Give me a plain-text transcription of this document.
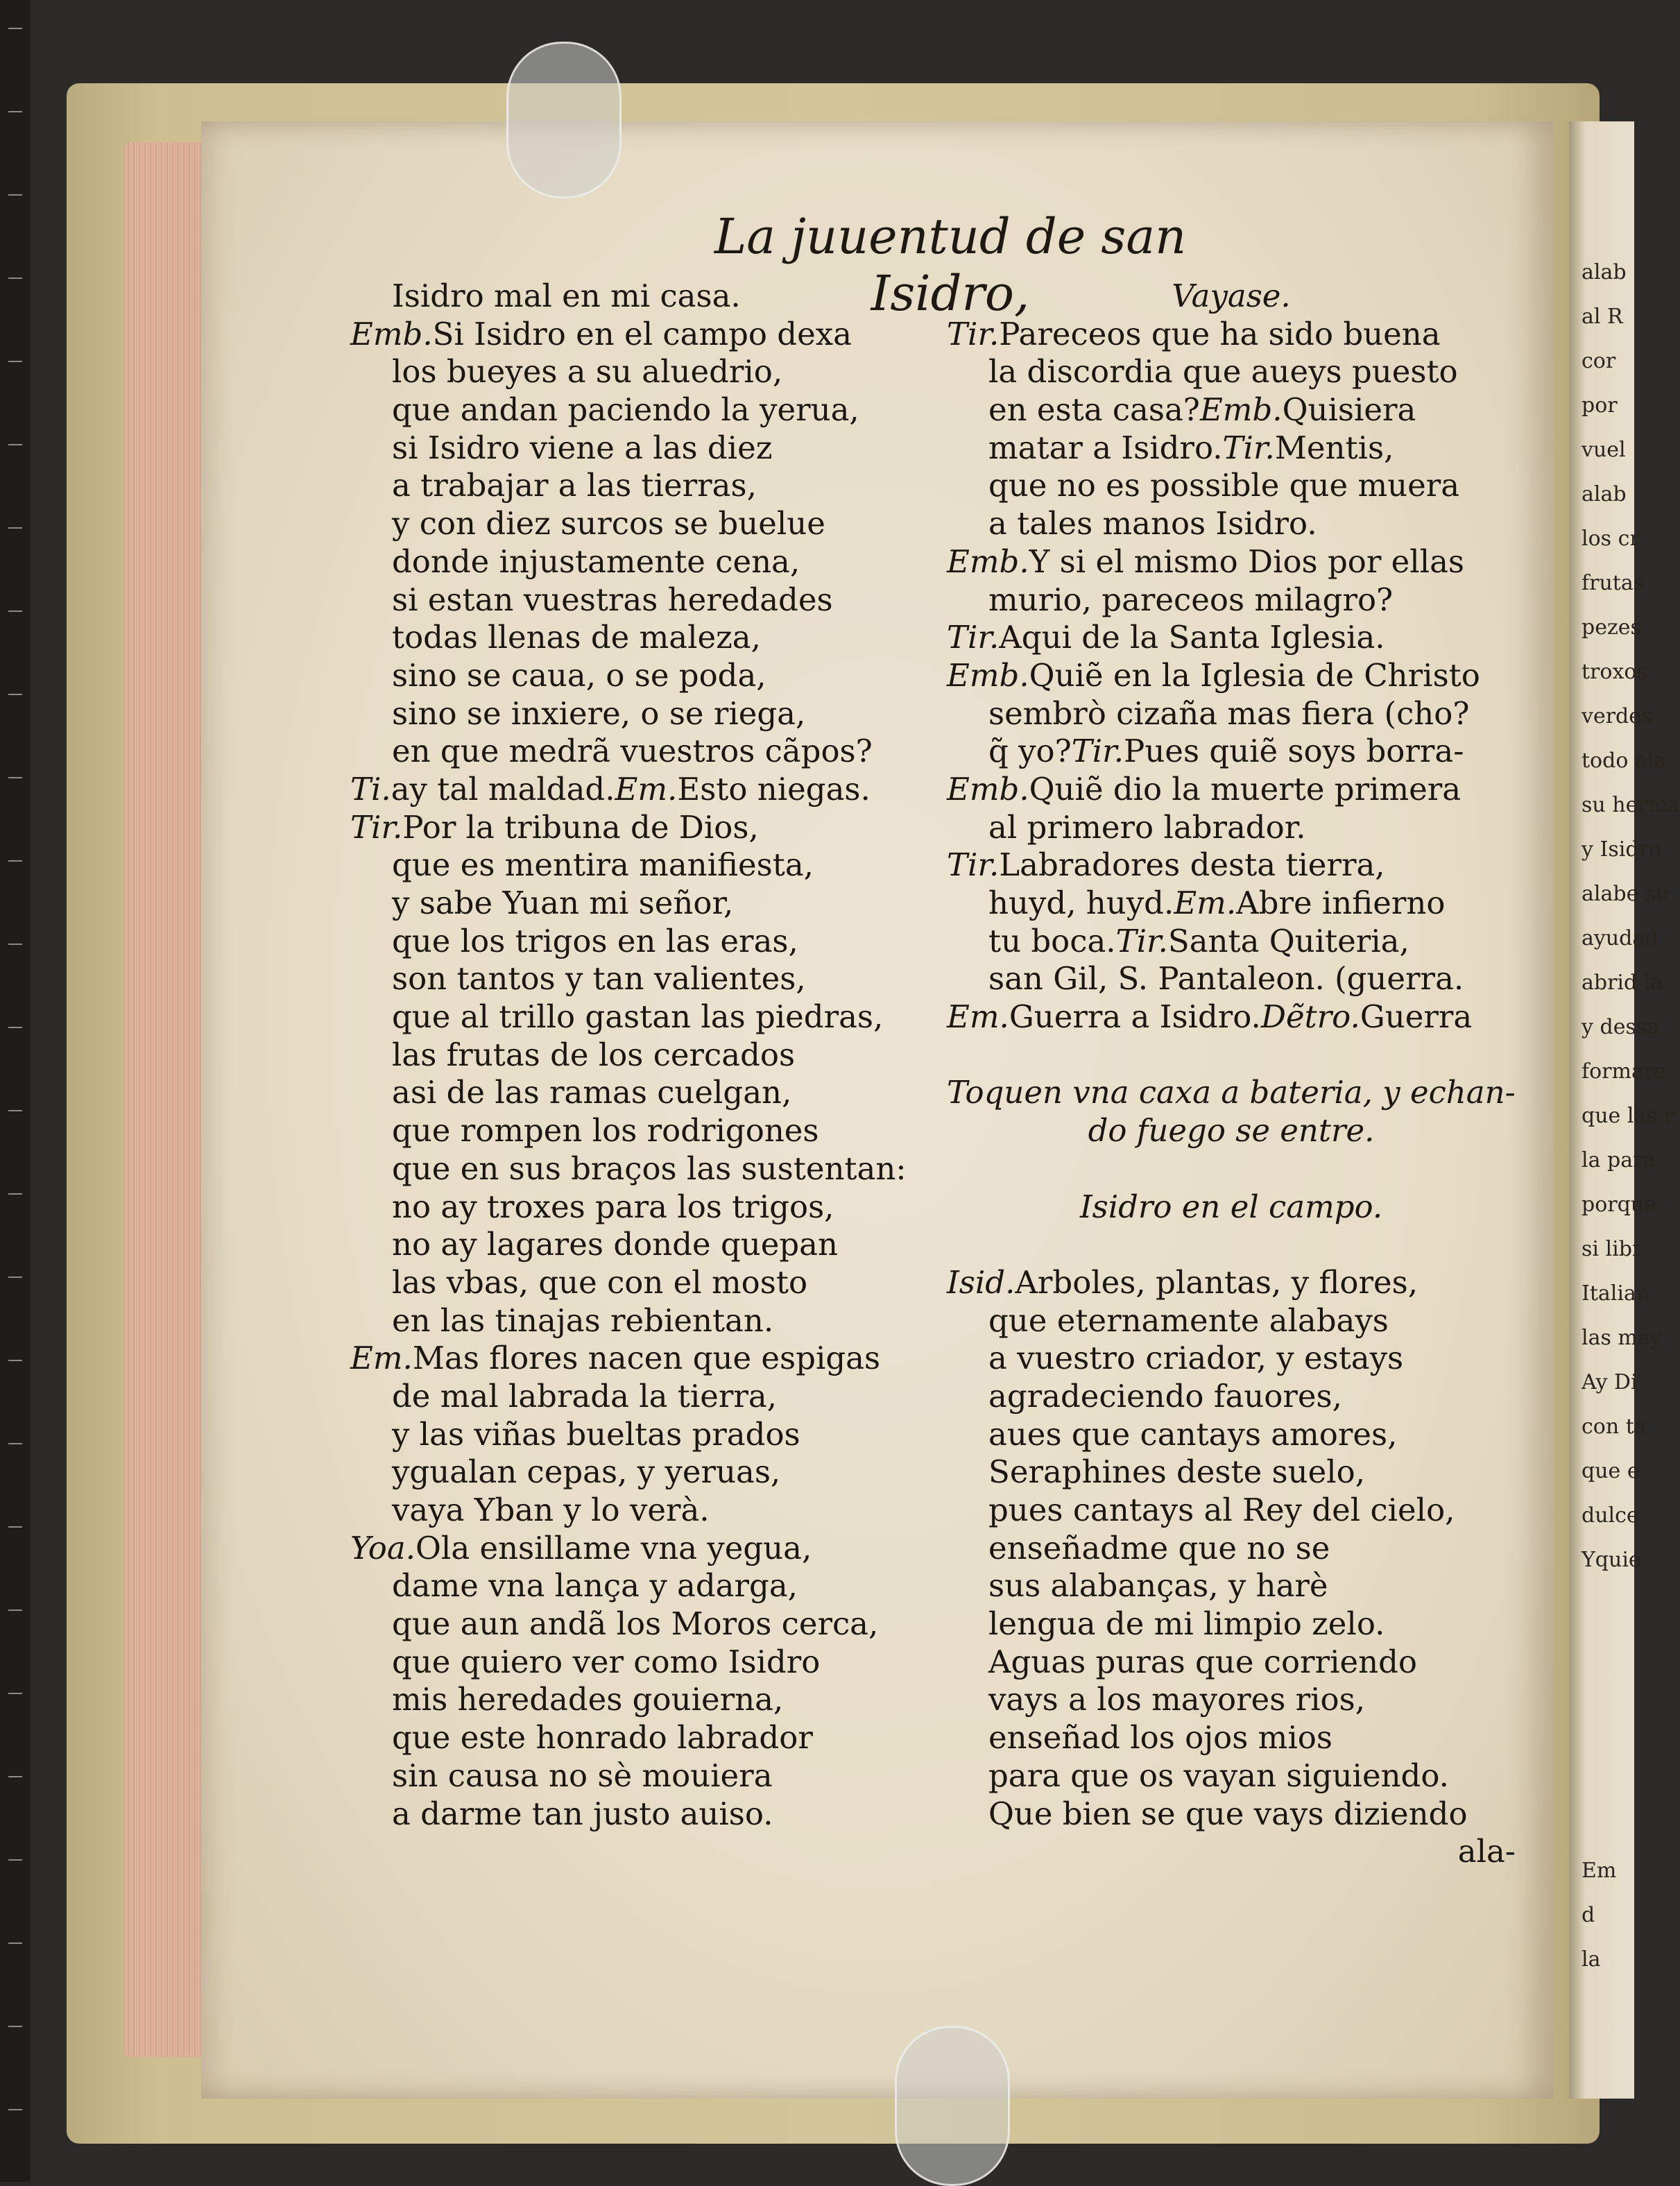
alab
al R
cor
por
vuel
alab
los cr
frutas
pezes
troxos
verdes
todo ala
su herma
y Isidro
alabe su
ayudad
abrid la
y dessa
formare
que las r
la para
porque
si libr
Italian
las may
Ay Di
con ta
que e
dulce
Yquie
Em
d
la
La juuentud de san Isidro,
Isidro mal en mi casa.
Emb.Si Isidro en el campo dexa
los bueyes a su aluedrio,
que andan paciendo la yerua,
si Isidro viene a las diez
a trabajar a las tierras,
y con diez surcos se buelue
donde injustamente cena,
si estan vuestras heredades
todas llenas de maleza,
sino se caua, o se poda,
sino se inxiere, o se riega,
en que medrã vuestros cãpos?
Ti.ay tal maldad.Em.Esto niegas.
Tir.Por la tribuna de Dios,
que es mentira manifiesta,
y sabe Yuan mi señor,
que los trigos en las eras,
son tantos y tan valientes,
que al trillo gastan las piedras,
las frutas de los cercados
asi de las ramas cuelgan,
que rompen los rodrigones
que en sus braços las sustentan:
no ay troxes para los trigos,
no ay lagares donde quepan
las vbas, que con el mosto
en las tinajas rebientan.
Em.Mas flores nacen que espigas
de mal labrada la tierra,
y las viñas bueltas prados
ygualan cepas, y yeruas,
vaya Yban y lo verà.
Yoa.Ola ensillame vna yegua,
dame vna lança y adarga,
que aun andã los Moros cerca,
que quiero ver como Isidro
mis heredades gouierna,
que este honrado labrador
sin causa no sè mouiera
a darme tan justo auiso.
Vayase.
Tir.Pareceos que ha sido buena
la discordia que aueys puesto
en esta casa?Emb.Quisiera
matar a Isidro.Tir.Mentis,
que no es possible que muera
a tales manos Isidro.
Emb.Y si el mismo Dios por ellas
murio, pareceos milagro?
Tir.Aqui de la Santa Iglesia.
Emb.Quiẽ en la Iglesia de Christo
sembrò cizaña mas fiera (cho?
q̃ yo?Tir.Pues quiẽ soys borra-
Emb.Quiẽ dio la muerte primera
al primero labrador.
Tir.Labradores desta tierra,
huyd, huyd.Em.Abre infierno
tu boca.Tir.Santa Quiteria,
san Gil, S. Pantaleon. (guerra.
Em.Guerra a Isidro.Dẽtro.Guerra
Toquen vna caxa a bateria, y echan-
do fuego se entre.
Isidro en el campo.
Isid.Arboles, plantas, y flores,
que eternamente alabays
a vuestro criador, y estays
agradeciendo fauores,
aues que cantays amores,
Seraphines deste suelo,
pues cantays al Rey del cielo,
enseñadme que no se
sus alabanças, y harè
lengua de mi limpio zelo.
Aguas puras que corriendo
vays a los mayores rios,
enseñad los ojos mios
para que os vayan siguiendo.
Que bien se que vays diziendo
ala-
